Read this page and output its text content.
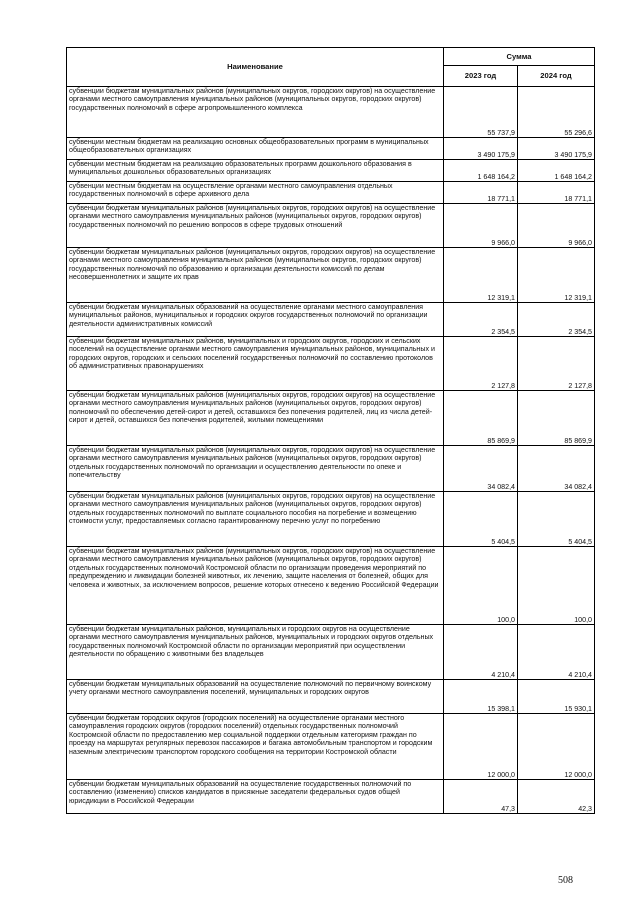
Наименование	Сумма	
	2023 год	2024 год
субвенции бюджетам муниципальных районов (муниципальных округов, городских округов) на осуществление органами местного самоуправления муниципальных районов (муниципальных округов, городских округов) государственных полномочий в сфере агропромышленного комплекса	55 737,9	55 296,6
субвенции местным бюджетам на реализацию основных общеобразовательных программ в муниципальных общеобразовательных организациях	3 490 175,9	3 490 175,9
субвенции местным бюджетам на реализацию образовательных программ дошкольного образования в муниципальных дошкольных образовательных организациях	1 648 164,2	1 648 164,2
субвенции местным бюджетам на осуществление органами местного самоуправления отдельных государственных полномочий в сфере архивного дела	18 771,1	18 771,1
субвенции бюджетам муниципальных районов (муниципальных округов, городских округов) на осуществление органами местного самоуправления муниципальных районов (муниципальных округов, городских округов) государственных полномочий по решению вопросов в сфере трудовых отношений	9 966,0	9 966,0
субвенции бюджетам муниципальных районов (муниципальных округов, городских округов) на осуществление органами местного самоуправления муниципальных районов (муниципальных округов, городских округов) государственных полномочий по образованию и организации деятельности комиссий по делам несовершеннолетних и защите их прав	12 319,1	12 319,1
субвенции бюджетам муниципальных образований на осуществление органами местного самоуправления муниципальных районов, муниципальных и городских округов государственных полномочий по организации деятельности административных комиссий	2 354,5	2 354,5
субвенции бюджетам муниципальных районов, муниципальных и городских округов, городских и сельских поселений на осуществление органами местного самоуправления муниципальных районов, муниципальных и городских округов, городских и сельских поселений государственных полномочий по составлению протоколов об административных правонарушениях	2 127,8	2 127,8
субвенции бюджетам муниципальных районов (муниципальных округов, городских округов) на осуществление органами местного самоуправления муниципальных районов (муниципальных округов, городских округов) полномочий по обеспечению детей-сирот и детей, оставшихся без попечения родителей, лиц из числа детей-сирот и детей, оставшихся без попечения родителей, жилыми помещениями	85 869,9	85 869,9
субвенции бюджетам муниципальных районов (муниципальных округов, городских округов) на осуществление органами местного самоуправления муниципальных районов (муниципальных округов, городских округов) отдельных государственных полномочий по организации и осуществлению деятельности по опеке и попечительству	34 082,4	34 082,4
субвенции бюджетам муниципальных районов (муниципальных округов, городских округов) на осуществление органами местного самоуправления муниципальных районов (муниципальных округов, городских округов) отдельных государственных полномочий по выплате социального пособия на погребение и возмещению стоимости услуг, предоставляемых согласно гарантированному перечню услуг по погребению	5 404,5	5 404,5
субвенции бюджетам муниципальных районов (муниципальных округов, городских округов) на осуществление органами местного самоуправления муниципальных районов (муниципальных округов, городских округов) отдельных государственных полномочий Костромской области по организации проведения мероприятий по предупреждению и ликвидации болезней животных, их лечению, защите населения от болезней, общих для человека и животных, за исключением вопросов, решение которых отнесено к ведению Российской Федерации	100,0	100,0
субвенции бюджетам муниципальных районов, муниципальных и городских округов на осуществление органами местного самоуправления муниципальных районов, муниципальных и городских округов отдельных государственных полномочий Костромской области по организации мероприятий при осуществлении деятельности по обращению с животными без владельцев	4 210,4	4 210,4
субвенции бюджетам муниципальных образований на осуществление полномочий по первичному воинскому учету органами местного самоуправления поселений, муниципальных и городских округов	15 398,1	15 930,1
субвенции бюджетам городских округов (городских поселений) на осуществление органами местного самоуправления городских округов (городских поселений) отдельных государственных полномочий Костромской области по предоставлению мер социальной поддержки отдельным категориям граждан по проезду на маршрутах регулярных перевозок пассажиров и багажа автомобильным транспортом и городским наземным электрическим транспортом городского сообщения на территории Костромской области	12 000,0	12 000,0
субвенции бюджетам муниципальных образований на осуществление государственных полномочий по составлению (изменению) списков кандидатов в присяжные заседатели федеральных судов общей юрисдикции в Российской Федерации	47,3	42,3
508
